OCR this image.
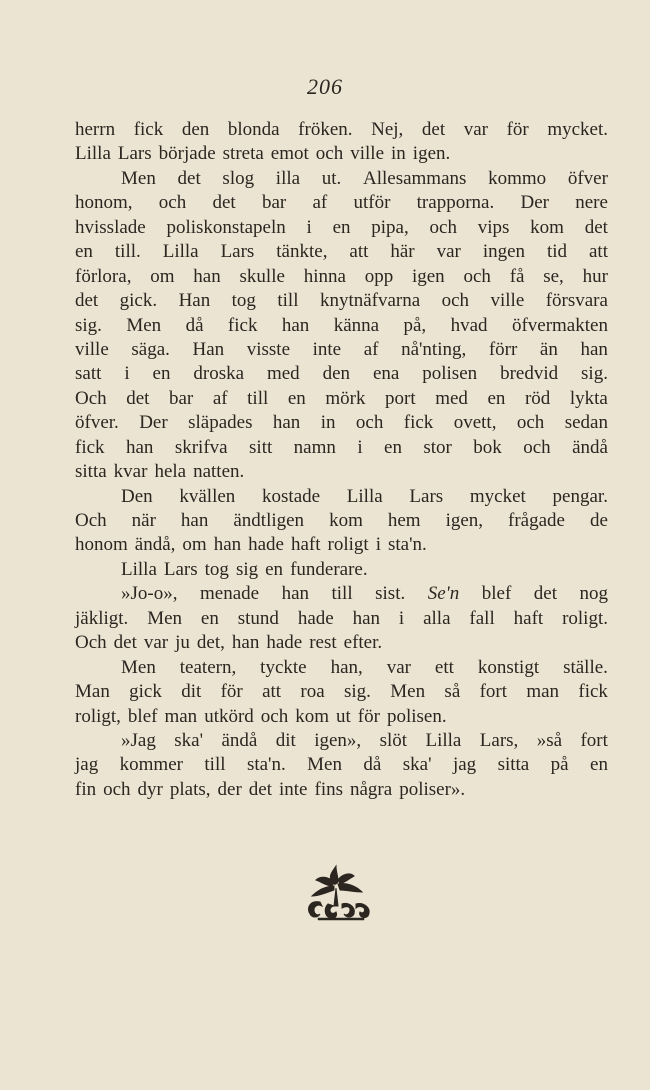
206
herrn fick den blonda fröken. Nej, det var för mycket.
Lilla Lars började streta emot och ville in igen.
Men det slog illa ut. Allesammans kommo öfver
honom, och det bar af utför trapporna. Der nere
hvisslade poliskonstapeln i en pipa, och vips kom det
en till. Lilla Lars tänkte, att här var ingen tid att
förlora, om han skulle hinna opp igen och få se, hur
det gick. Han tog till knytnäfvarna och ville försvara
sig. Men då fick han känna på, hvad öfvermakten
ville säga. Han visste inte af nå'nting, förr än han
satt i en droska med den ena polisen bredvid sig.
Och det bar af till en mörk port med en röd lykta
öfver. Der släpades han in och fick ovett, och sedan
fick han skrifva sitt namn i en stor bok och ändå
sitta kvar hela natten.
Den kvällen kostade Lilla Lars mycket pengar.
Och när han ändtligen kom hem igen, frågade de
honom ändå, om han hade haft roligt i sta'n.
Lilla Lars tog sig en funderare.
»Jo-o», menade han till sist. Se'n blef det nog
jäkligt. Men en stund hade han i alla fall haft roligt.
Och det var ju det, han hade rest efter.
Men teatern, tyckte han, var ett konstigt ställe.
Man gick dit för att roa sig. Men så fort man fick
roligt, blef man utkörd och kom ut för polisen.
»Jag ska' ändå dit igen», slöt Lilla Lars, »så fort
jag kommer till sta'n. Men då ska' jag sitta på en
fin och dyr plats, der det inte fins några poliser».
